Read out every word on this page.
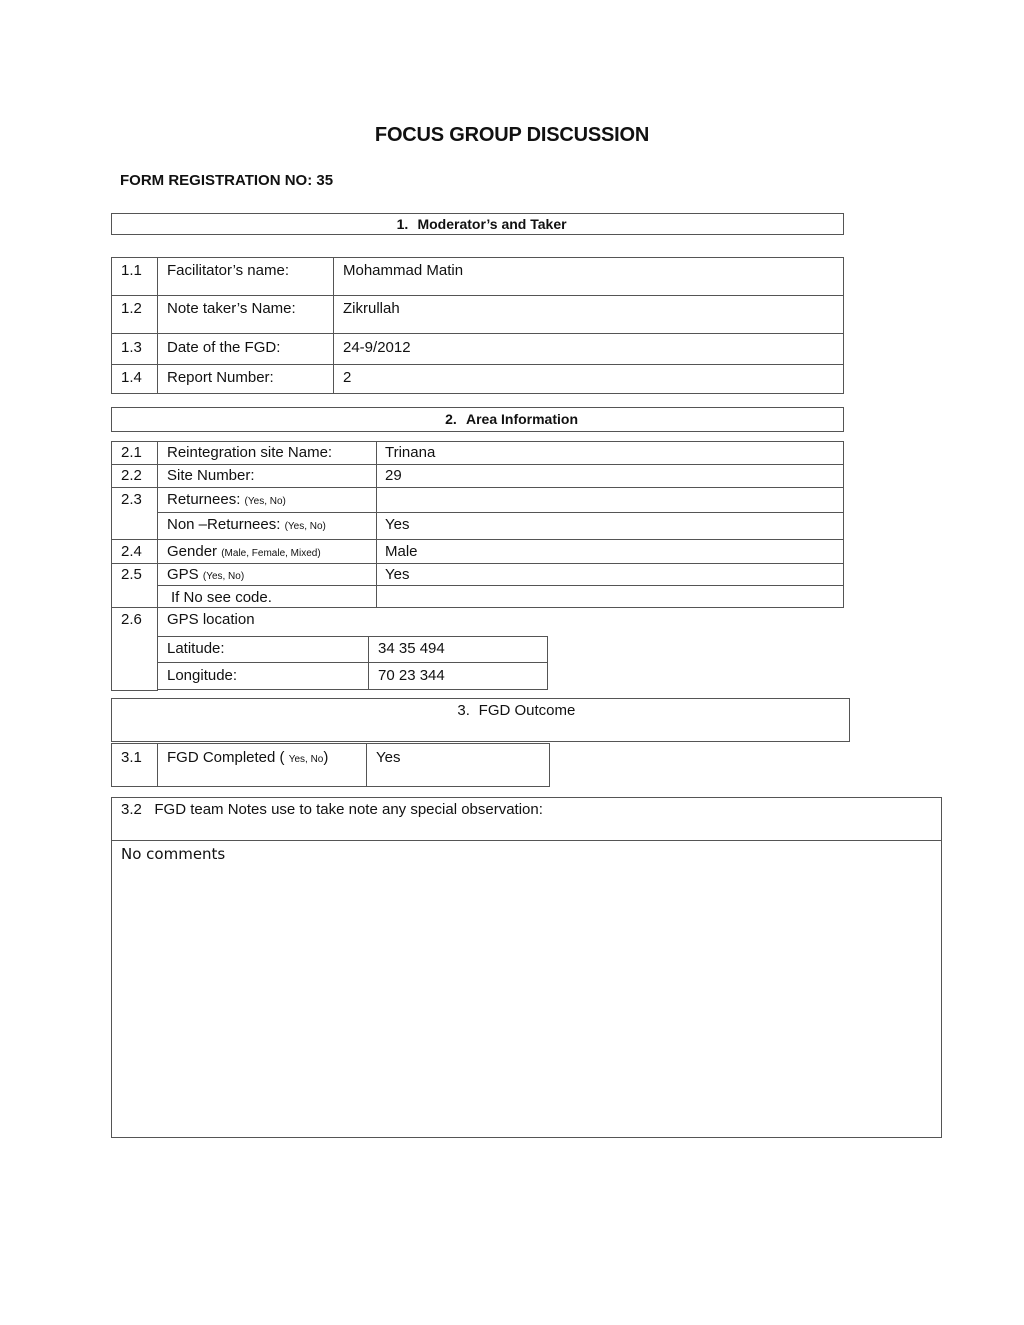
FOCUS GROUP DISCUSSION
FORM REGISTRATION NO: 35
1. Moderator’s and Taker
1.1 Facilitator’s name:	Mohammad Matin
1.2 Note taker’s Name:	Zikrullah
1.3 Date of the FGD:	24-9/2012
1.4 Report Number:	2
2. Area Information
2.1 Reintegration site Name:	Trinana
2.2 Site Number:	29
2.3 Returnees: (Yes, No)
Non –Returnees: (Yes, No)	Yes
2.4 Gender (Male, Female, Mixed)	Male
2.5 GPS (Yes, No)	Yes
If No see code.
2.6 GPS location
Latitude:	34 35 494
Longitude:	70 23 344
3. FGD Outcome
3.1 FGD Completed ( Yes, No)	Yes
3.2 FGD team Notes use to take note any special observation:
No comments
